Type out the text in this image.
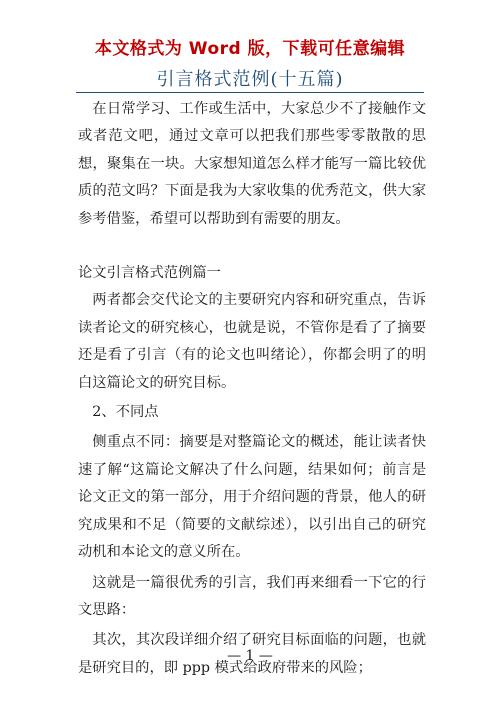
本文格式为 Word 版，下载可任意编辑
引言格式范例(十五篇)

在日常学习、工作或生活中，大家总少不了接触作文或者范文吧，通过文章可以把我们那些零零散散的思想，聚集在一块。大家想知道怎么样才能写一篇比较优质的范文吗？下面是我为大家收集的优秀范文，供大家参考借鉴，希望可以帮助到有需要的朋友。

论文引言格式范例篇一

两者都会交代论文的主要研究内容和研究重点，告诉读者论文的研究核心，也就是说，不管你是看了了摘要还是看了引言（有的论文也叫绪论），你都会明了的明白这篇论文的研究目标。

2、不同点

侧重点不同：摘要是对整篇论文的概述，能让读者快速了解“这篇论文解决了什么问题，结果如何；前言是论文正文的第一部分，用于介绍问题的背景，他人的研究成果和不足（简要的文献综述），以引出自己的研究动机和本论文的意义所在。

这就是一篇很优秀的引言，我们再来细看一下它的行文思路：

其次，其次段详细介绍了研究目标面临的问题，也就是研究目的，即 ppp 模式给政府带来的风险；

— 1 —
